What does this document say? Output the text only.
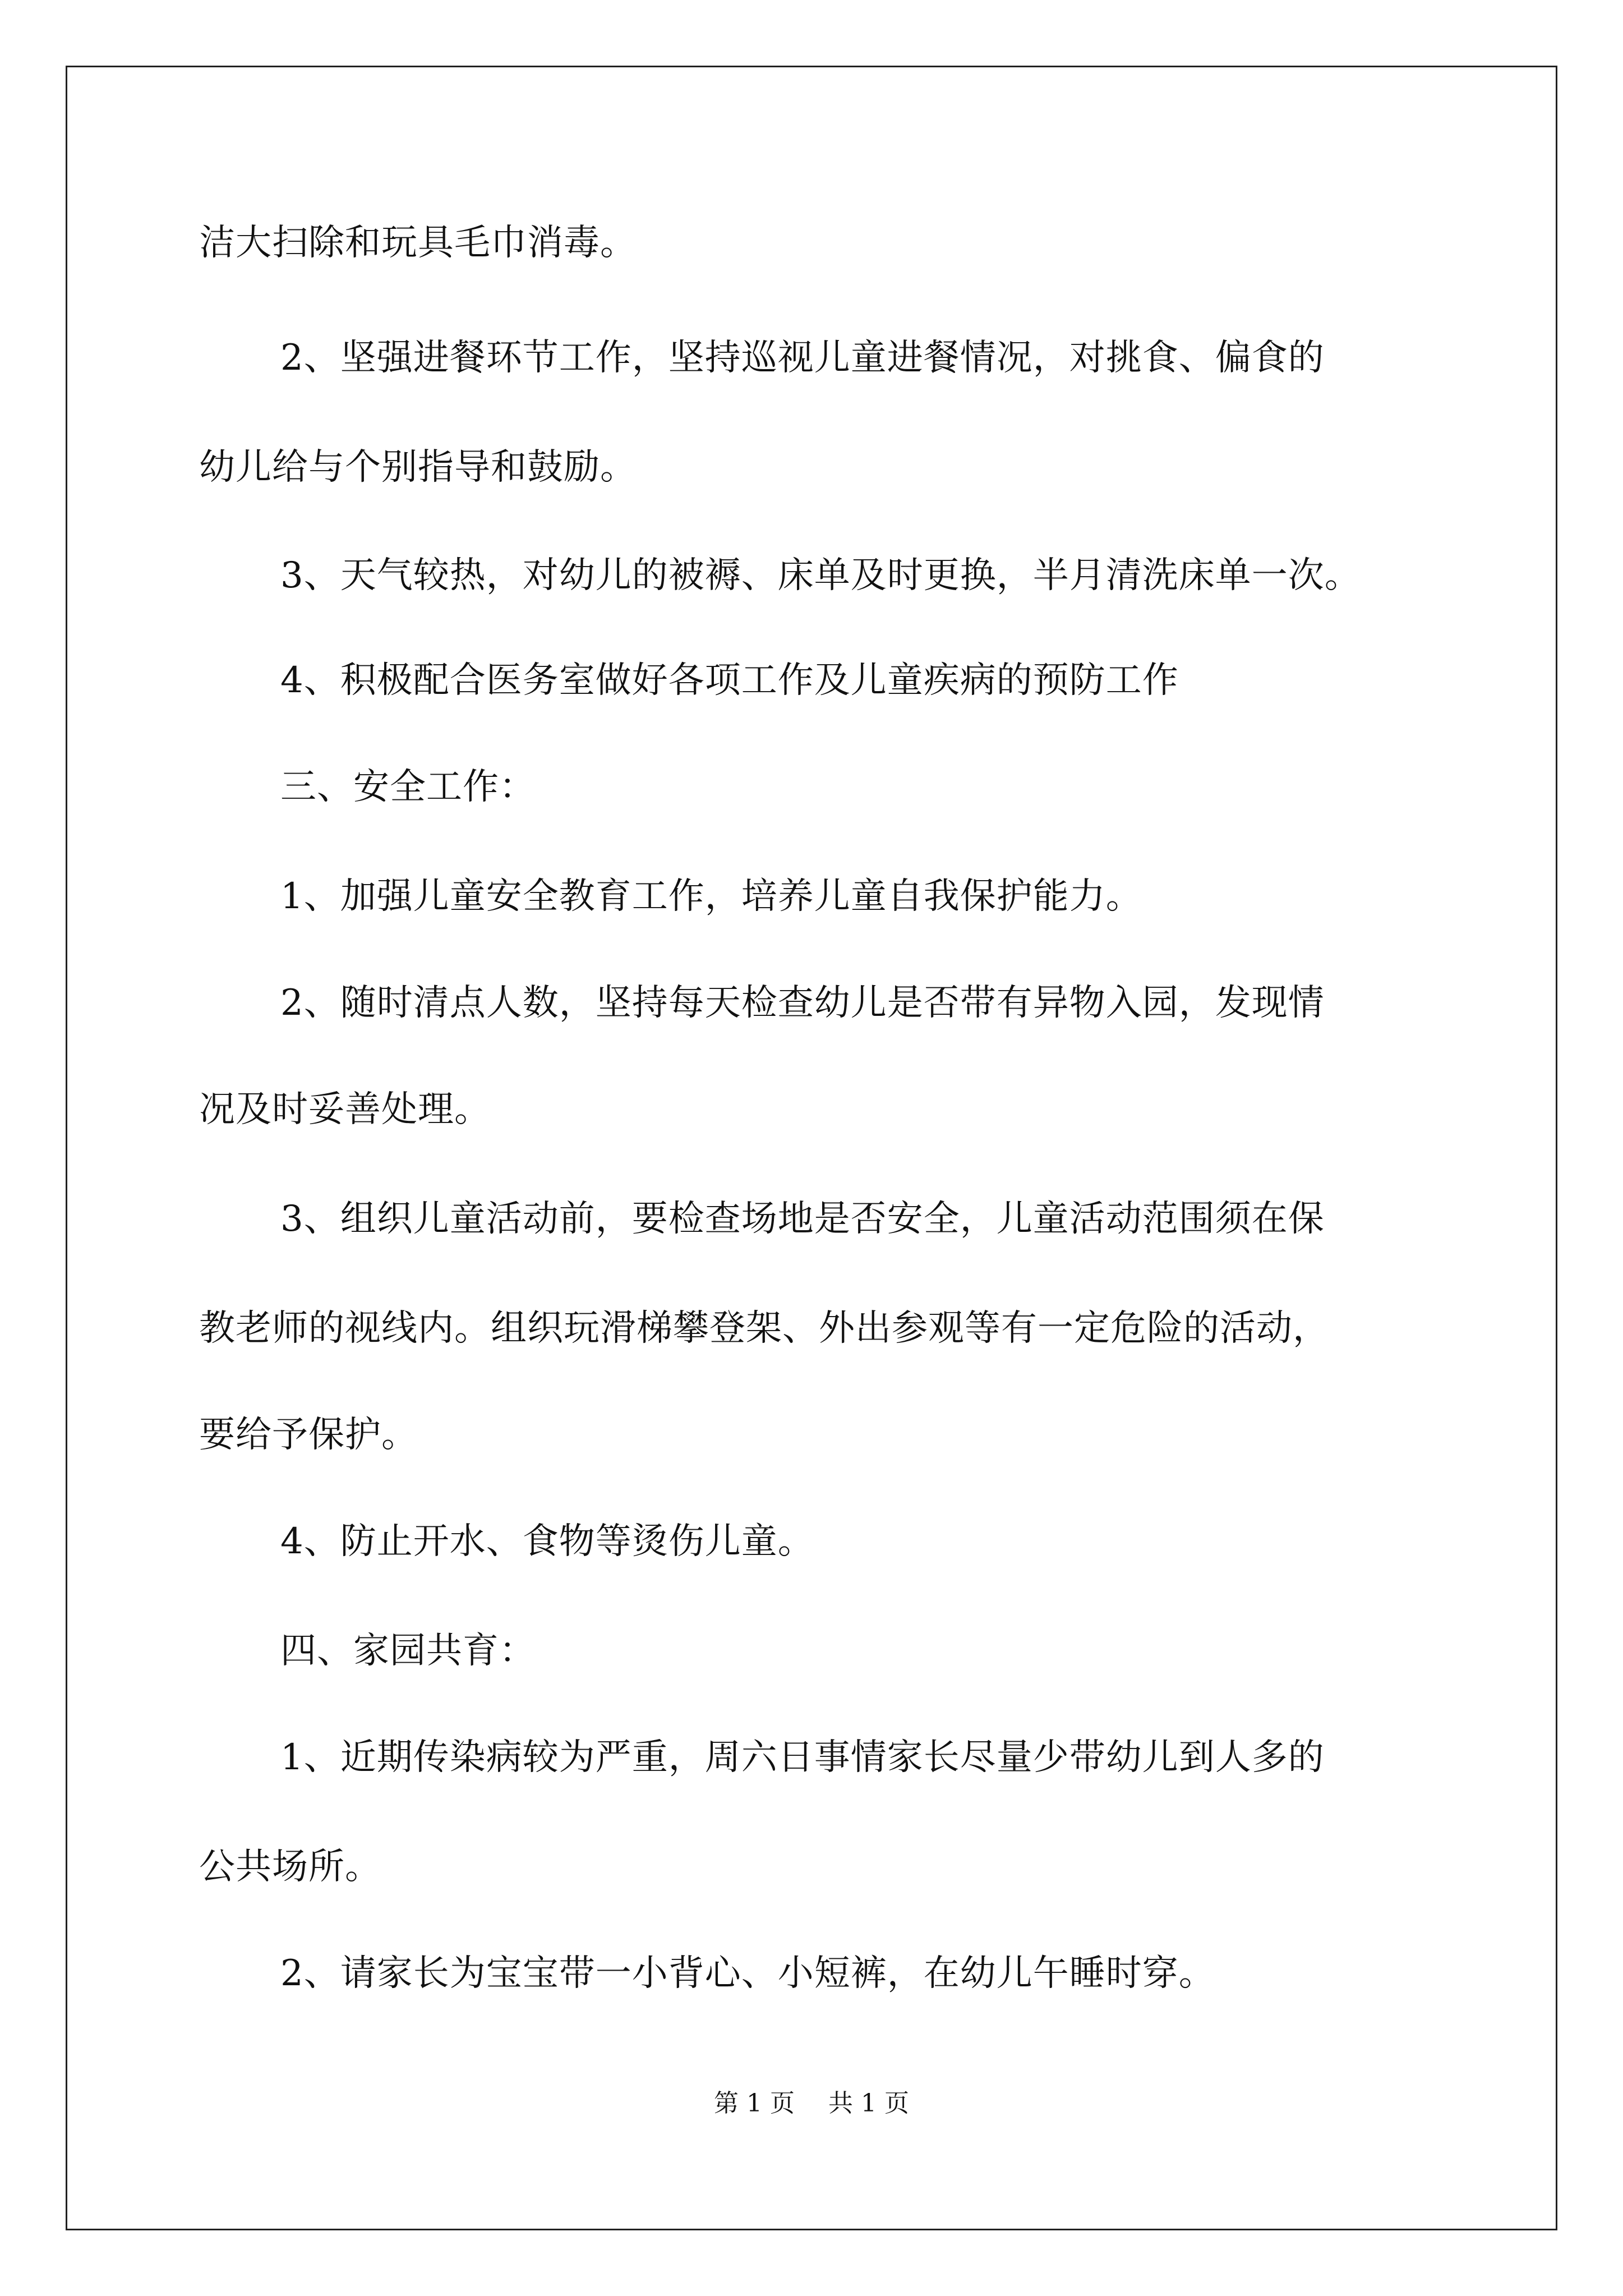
洁大扫除和玩具毛巾消毒。

2、坚强进餐环节工作，坚持巡视儿童进餐情况，对挑食、偏食的

幼儿给与个别指导和鼓励。

3、天气较热，对幼儿的被褥、床单及时更换，半月清洗床单一次。

4、积极配合医务室做好各项工作及儿童疾病的预防工作

三、安全工作：

1、加强儿童安全教育工作，培养儿童自我保护能力。

2、随时清点人数，坚持每天检查幼儿是否带有异物入园，发现情

况及时妥善处理。

3、组织儿童活动前，要检查场地是否安全，儿童活动范围须在保

教老师的视线内。组织玩滑梯攀登架、外出参观等有一定危险的活动，

要给予保护。

4、防止开水、食物等烫伤儿童。

四、家园共育：

1、近期传染病较为严重，周六日事情家长尽量少带幼儿到人多的

公共场所。

2、请家长为宝宝带一小背心、小短裤，在幼儿午睡时穿。

第 1 页 共 1 页
